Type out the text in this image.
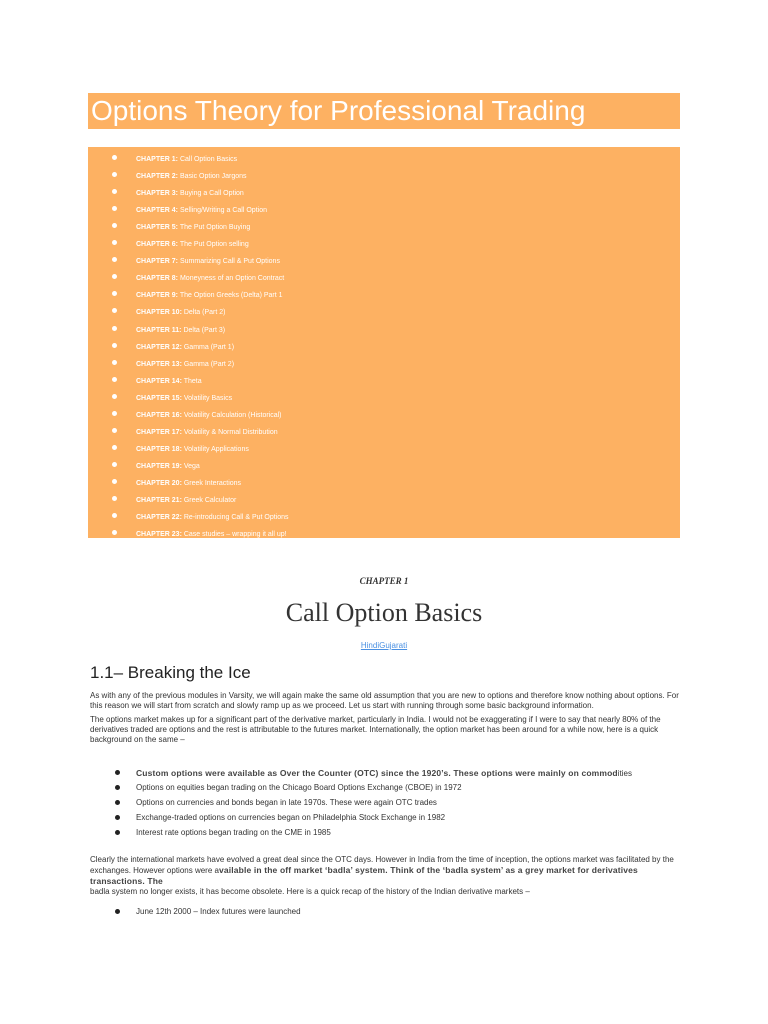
Options Theory for Professional Trading
CHAPTER 1: Call Option Basics
CHAPTER 2: Basic Option Jargons
CHAPTER 3: Buying a Call Option
CHAPTER 4: Selling/Writing a Call Option
CHAPTER 5: The Put Option Buying
CHAPTER 6: The Put Option selling
CHAPTER 7: Summarizing Call & Put Options
CHAPTER 8: Moneyness of an Option Contract
CHAPTER 9: The Option Greeks (Delta) Part 1
CHAPTER 10: Delta (Part 2)
CHAPTER 11: Delta (Part 3)
CHAPTER 12: Gamma (Part 1)
CHAPTER 13: Gamma (Part 2)
CHAPTER 14: Theta
CHAPTER 15: Volatility Basics
CHAPTER 16: Volatility Calculation (Historical)
CHAPTER 17: Volatility & Normal Distribution
CHAPTER 18: Volatility Applications
CHAPTER 19: Vega
CHAPTER 20: Greek Interactions
CHAPTER 21: Greek Calculator
CHAPTER 22: Re-introducing Call & Put Options
CHAPTER 23: Case studies – wrapping it all up!
CHAPTER 1
Call Option Basics
HindiGujarati
1.1– Breaking the Ice

As with any of the previous modules in Varsity, we will again make the same old assumption that you are new to options and therefore know nothing about options. For this reason we will start from scratch and slowly ramp up as we proceed. Let us start with running through some basic background information.

The options market makes up for a significant part of the derivative market, particularly in India. I would not be exaggerating if I were to say that nearly 80% of the derivatives traded are options and the rest is attributable to the futures market. Internationally, the option market has been around for a while now, here is a quick background on the same –

Custom options were available as Over the Counter (OTC) since the 1920’s. These options were mainly on commodities
Options on equities began trading on the Chicago Board Options Exchange (CBOE) in 1972
Options on currencies and bonds began in late 1970s. These were again OTC trades
Exchange-traded options on currencies began on Philadelphia Stock Exchange in 1982
Interest rate options began trading on the CME in 1985

Clearly the international markets have evolved a great deal since the OTC days. However in India from the time of inception, the options market was facilitated by the exchanges. However options were available in the off market ‘badla’ system. Think of the ‘badla system’ as a grey market for derivatives transactions. The
badla system no longer exists, it has become obsolete. Here is a quick recap of the history of the Indian derivative markets –

June 12th 2000 – Index futures were launched
